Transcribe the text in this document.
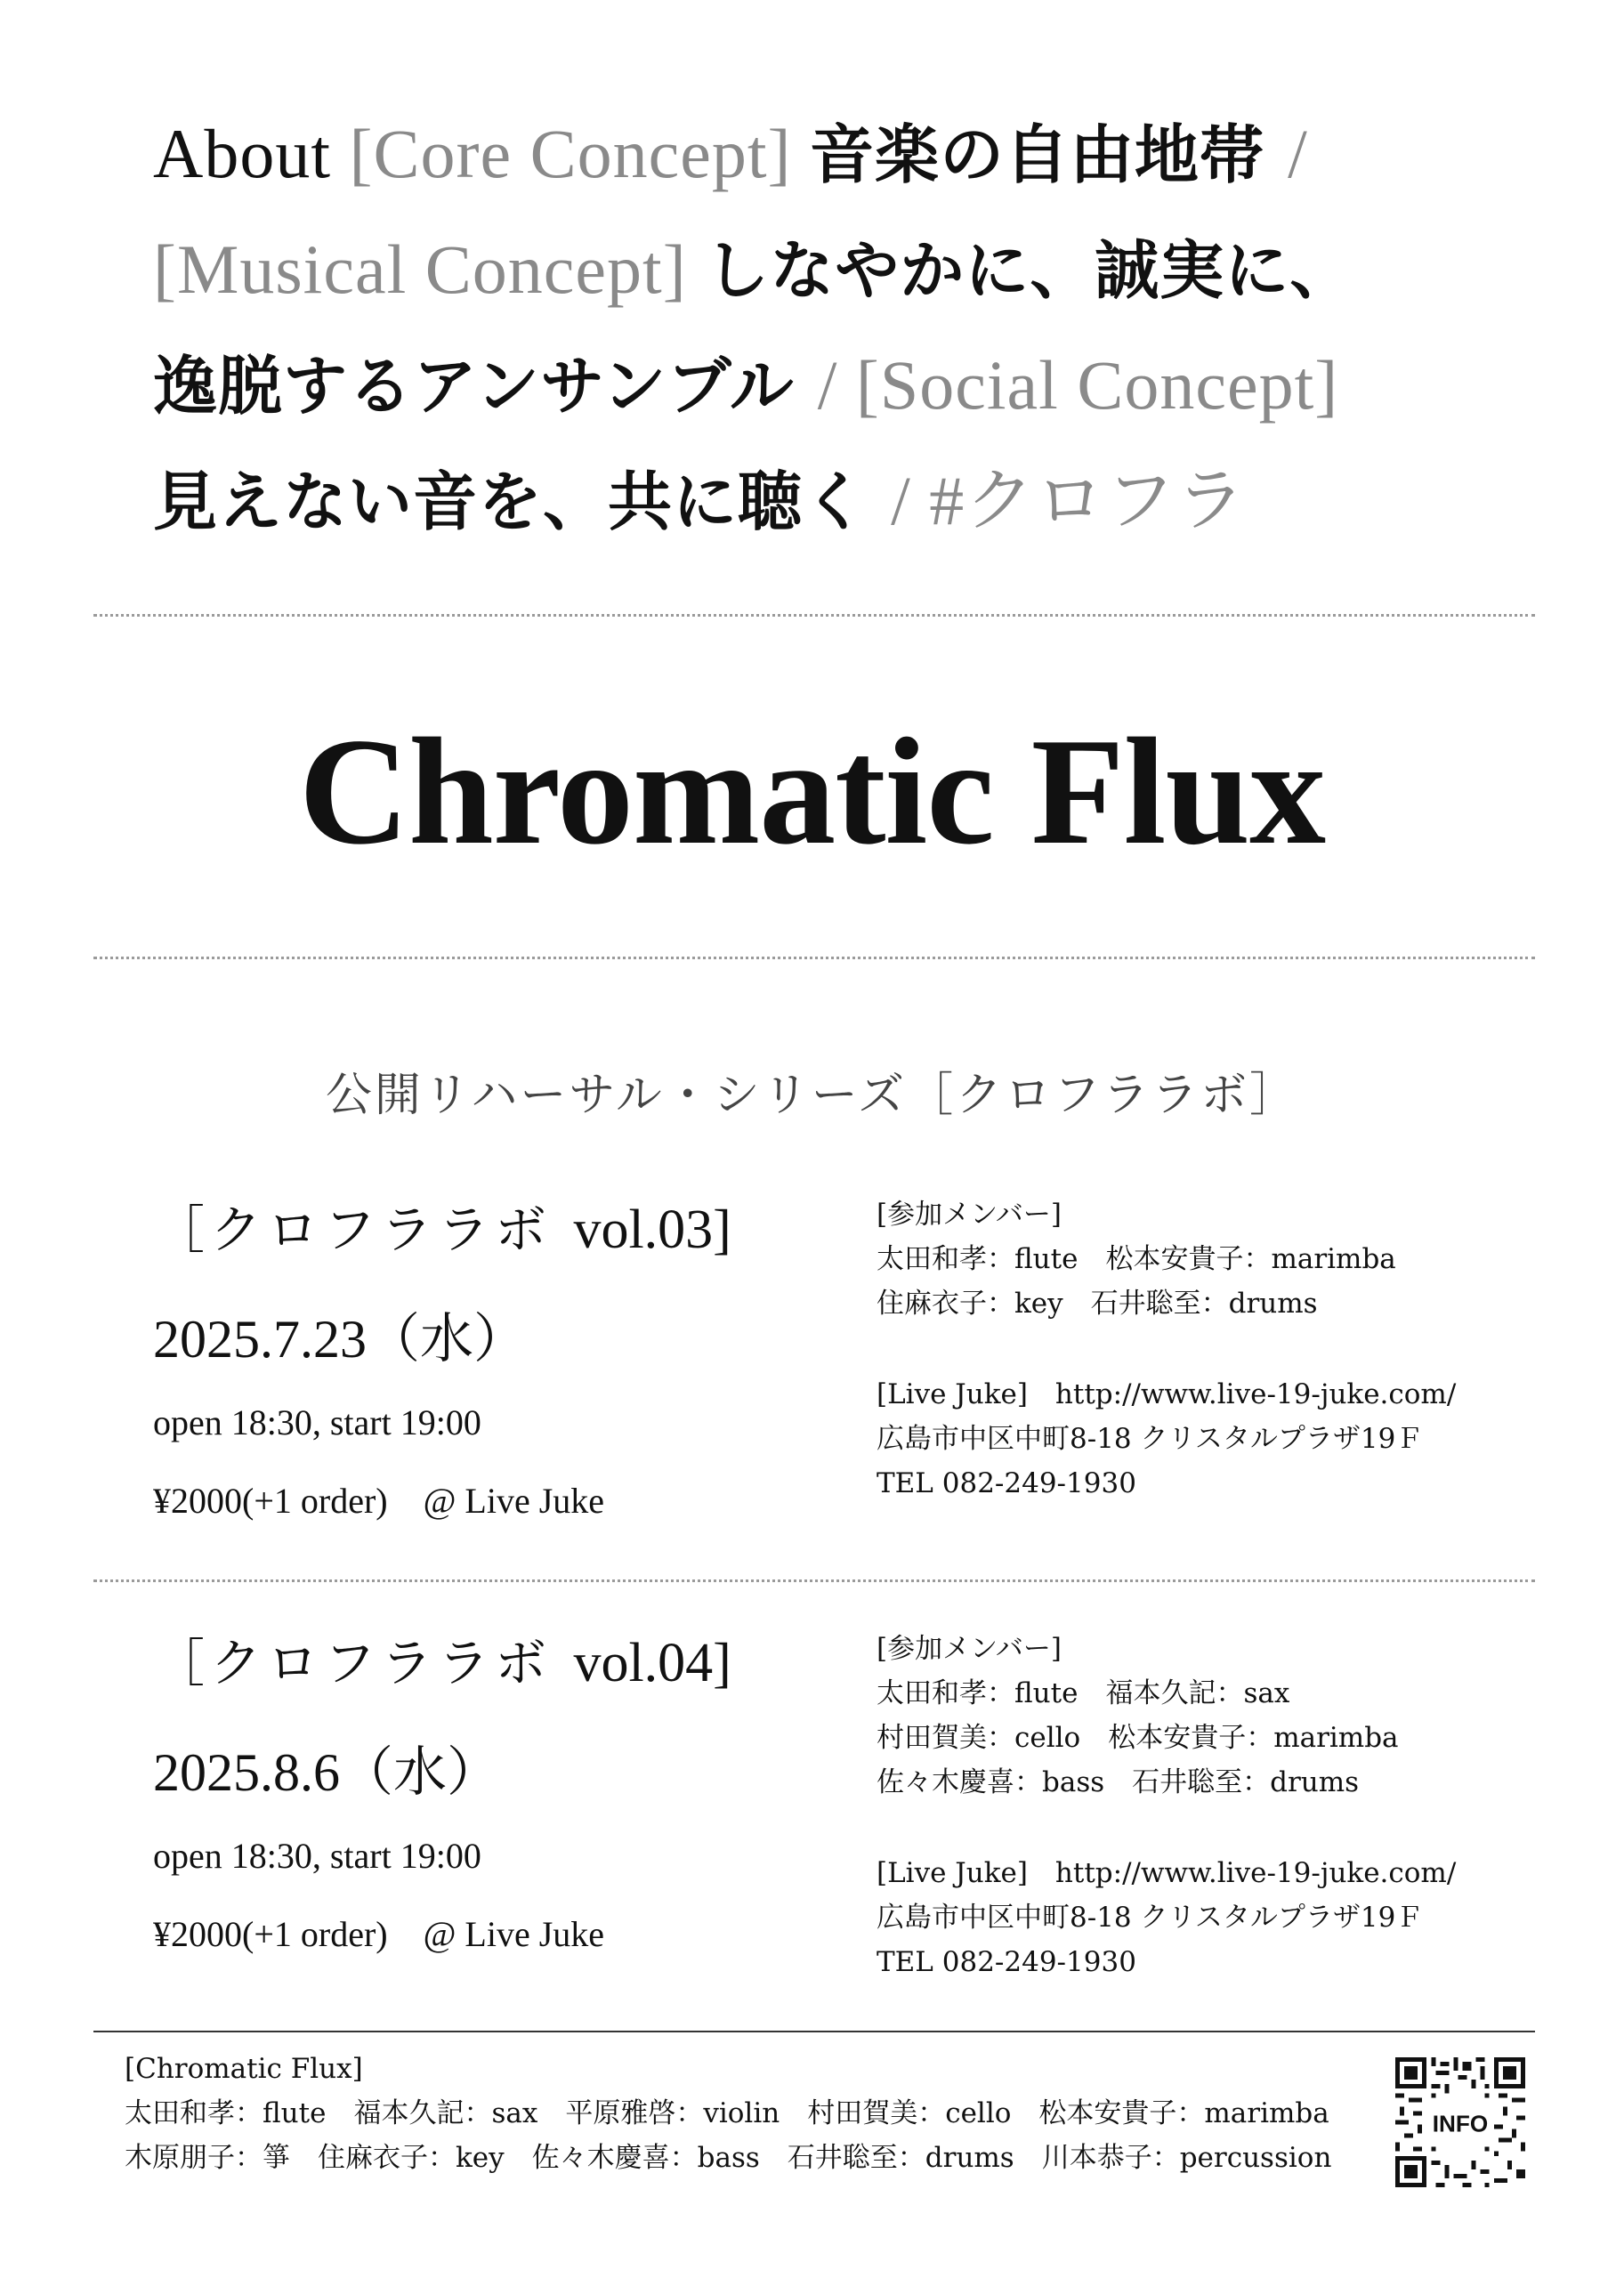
About [Core Concept] 音楽の自由地帯 /
[Musical Concept] しなやかに、誠実に、
逸脱するアンサンブル / [Social Concept]
見えない音を、共に聴く / #クロフラ
Chromatic Flux
公開リハーサル・シリーズ［クロフララボ］
［クロフララボ vol.03]
2025.7.23（水）
open 18:30, start 19:00
¥2000(+1 order)　@ Live Juke
[参加メンバー]
太田和孝：flute　松本安貴子：marimba
住麻衣子：key　石井聡至：drums
[Live Juke]　http://www.live-19-juke.com/
広島市中区中町8-18 クリスタルプラザ19Ｆ
TEL 082-249-1930
［クロフララボ vol.04]
2025.8.6（水）
open 18:30, start 19:00
¥2000(+1 order)　@ Live Juke
[参加メンバー]
太田和孝：flute　福本久記：sax
村田賀美：cello　松本安貴子：marimba
佐々木慶喜：bass　石井聡至：drums
[Live Juke]　http://www.live-19-juke.com/
広島市中区中町8-18 クリスタルプラザ19Ｆ
TEL 082-249-1930
[Chromatic Flux]
太田和孝：flute　福本久記：sax　平原雅啓：violin　村田賀美：cello　松本安貴子：marimba
木原朋子：箏　住麻衣子：key　佐々木慶喜：bass　石井聡至：drums　川本恭子：percussion
INFO
